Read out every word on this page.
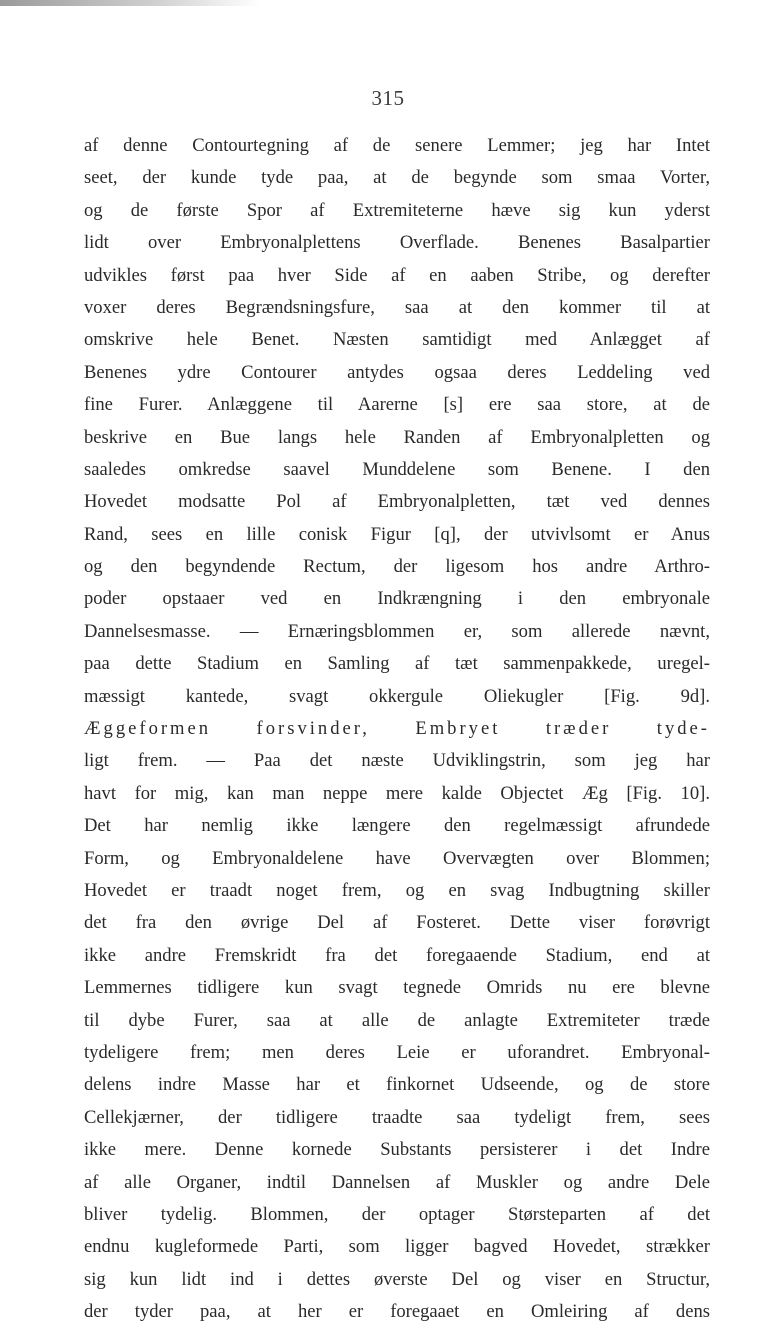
315
af denne Contourtegning af de senere Lemmer; jeg har Intet
seet, der kunde tyde paa, at de begynde som smaa Vorter,
og de første Spor af Extremiteterne hæve sig kun yderst
lidt over Embryonalplettens Overflade. Benenes Basalpartier
udvikles først paa hver Side af en aaben Stribe, og derefter
voxer deres Begrændsningsfure, saa at den kommer til at
omskrive hele Benet. Næsten samtidigt med Anlægget af
Benenes ydre Contourer antydes ogsaa deres Leddeling ved
fine Furer. Anlæggene til Aarerne [s] ere saa store, at de
beskrive en Bue langs hele Randen af Embryonalpletten og
saaledes omkredse saavel Munddelene som Benene. I den
Hovedet modsatte Pol af Embryonalpletten, tæt ved dennes
Rand, sees en lille conisk Figur [q], der utvivlsomt er Anus
og den begyndende Rectum, der ligesom hos andre Arthro-
poder opstaaer ved en Indkrængning i den embryonale
Dannelsesmasse. — Ernæringsblommen er, som allerede nævnt,
paa dette Stadium en Samling af tæt sammenpakkede, uregel-
mæssigt kantede, svagt okkergule Oliekugler [Fig. 9d].
Æggeformen forsvinder, Embryet træder tyde-
ligt frem. — Paa det næste Udviklingstrin, som jeg har
havt for mig, kan man neppe mere kalde Objectet Æg [Fig. 10].
Det har nemlig ikke længere den regelmæssigt afrundede
Form, og Embryonaldelene have Overvægten over Blommen;
Hovedet er traadt noget frem, og en svag Indbugtning skiller
det fra den øvrige Del af Fosteret. Dette viser forøvrigt
ikke andre Fremskridt fra det foregaaende Stadium, end at
Lemmernes tidligere kun svagt tegnede Omrids nu ere blevne
til dybe Furer, saa at alle de anlagte Extremiteter træde
tydeligere frem; men deres Leie er uforandret. Embryonal-
delens indre Masse har et finkornet Udseende, og de store
Cellekjærner, der tidligere traadte saa tydeligt frem, sees
ikke mere. Denne kornede Substants persisterer i det Indre
af alle Organer, indtil Dannelsen af Muskler og andre Dele
bliver tydelig. Blommen, der optager Størsteparten af det
endnu kugleformede Parti, som ligger bagved Hovedet, strækker
sig kun lidt ind i dettes øverste Del og viser en Structur,
der tyder paa, at her er foregaaet en Omleiring af dens
